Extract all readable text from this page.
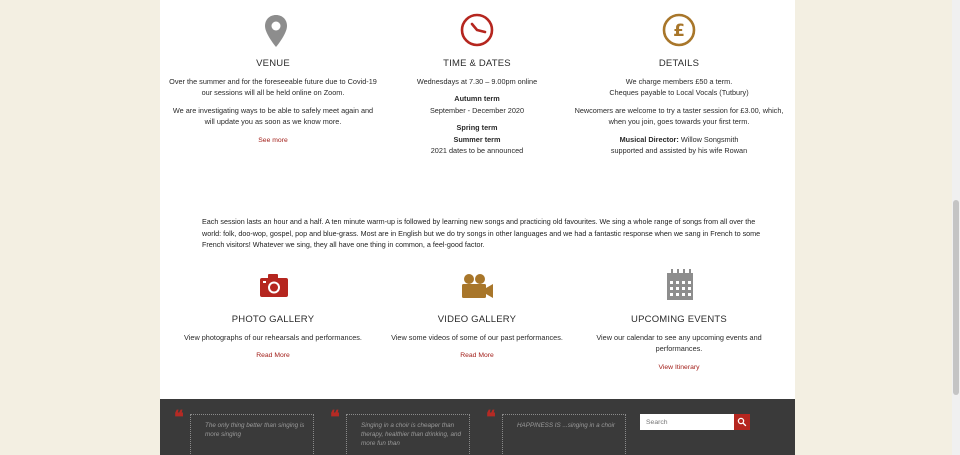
VENUE

Over the summer and for the foreseeable future due to Covid-19 our sessions will all be held online on Zoom.

We are investigating ways to be able to safely meet again and will update you as soon as we know more.

See more
TIME & DATES

Wednesdays at 7.30 – 9.00pm online

Autumn term

September - December 2020

Spring term

Summer term

2021 dates to be announced

£
DETAILS

We charge members £50 a term.

Cheques payable to Local Vocals (Tutbury)

Newcomers are welcome to try a taster session for £3.00, which, when you join, goes towards your first term.

Musical Director: Willow Songsmith

supported and assisted by his wife Rowan

Each session lasts an hour and a half. A ten minute warm-up is followed by learning new songs and practicing old favourites. We sing a whole range of songs from all over the world: folk, doo-wop, gospel, pop and blue-grass. Most are in English but we do try songs in other languages and we had a fantastic response when we sang in French to some French visitors! Whatever we sing, they all have one thing in common, a feel-good factor.
PHOTO GALLERY

View photographs of our rehearsals and performances.

Read More
VIDEO GALLERY

View some videos of some of our past performances.

Read More
UPCOMING EVENTS

View our calendar to see any upcoming events and performances.

View Itinerary
❝	The only thing better than singing is more singing
❝	Singing in a choir is cheaper than therapy, healthier than drinking, and more fun than
❝	HAPPINESS IS ...singing in a choir
Search
